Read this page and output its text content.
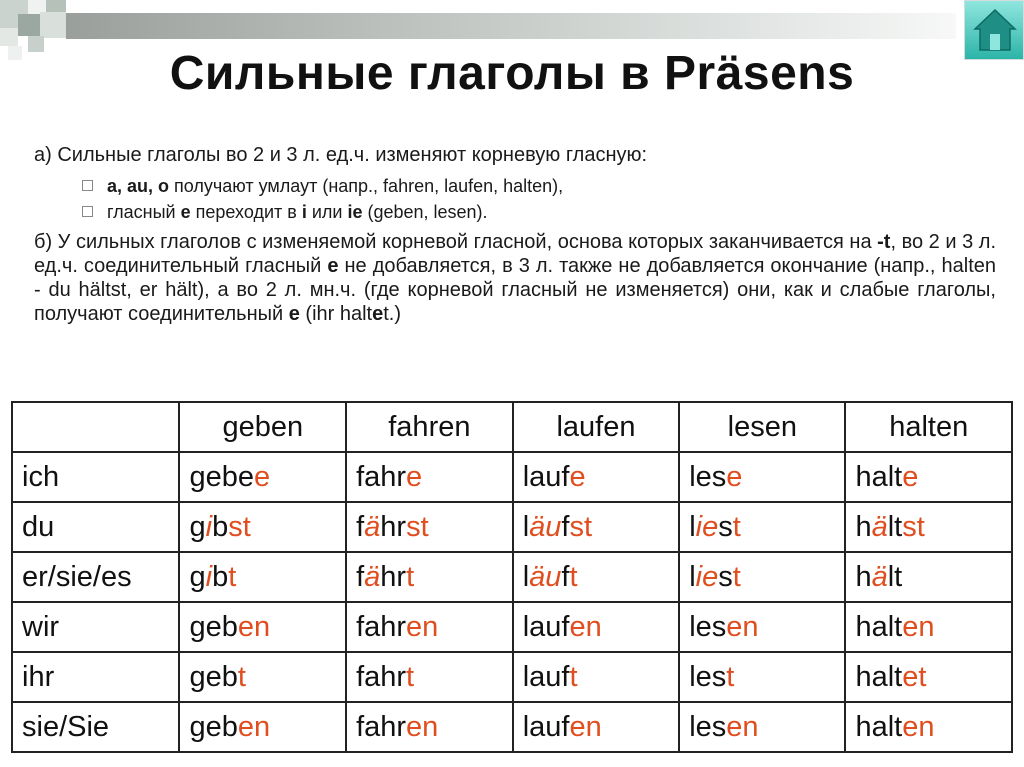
Сильные глаголы в Präsens
а) Сильные глаголы во 2 и 3 л. ед.ч. изменяют корневую гласную:
a, au, o получают умлаут (напр., fahren, laufen, halten),
гласный e переходит в i или ie (geben, lesen).
б) У сильных глаголов с изменяемой корневой гласной, основа которых заканчивается на -t, во 2 и 3 л. ед.ч. соединительный гласный e не добавляется, в 3 л. также не добавляется окончание (напр., halten - du hältst, er hält), а во 2 л. мн.ч. (где корневой гласный не изменяется) они, как и слабые глаголы, получают соединительный e (ihr haltet.)
	geben	fahren	laufen	lesen	halten
ich	gebee	fahre	laufe	lese	halte
du	gibst	fährst	läufst	liest	hältst
er/sie/es	gibt	fährt	läuft	liest	hält
wir	geben	fahren	laufen	lesen	halten
ihr	gebt	fahrt	lauft	lest	haltet
sie/Sie	geben	fahren	laufen	lesen	halten
